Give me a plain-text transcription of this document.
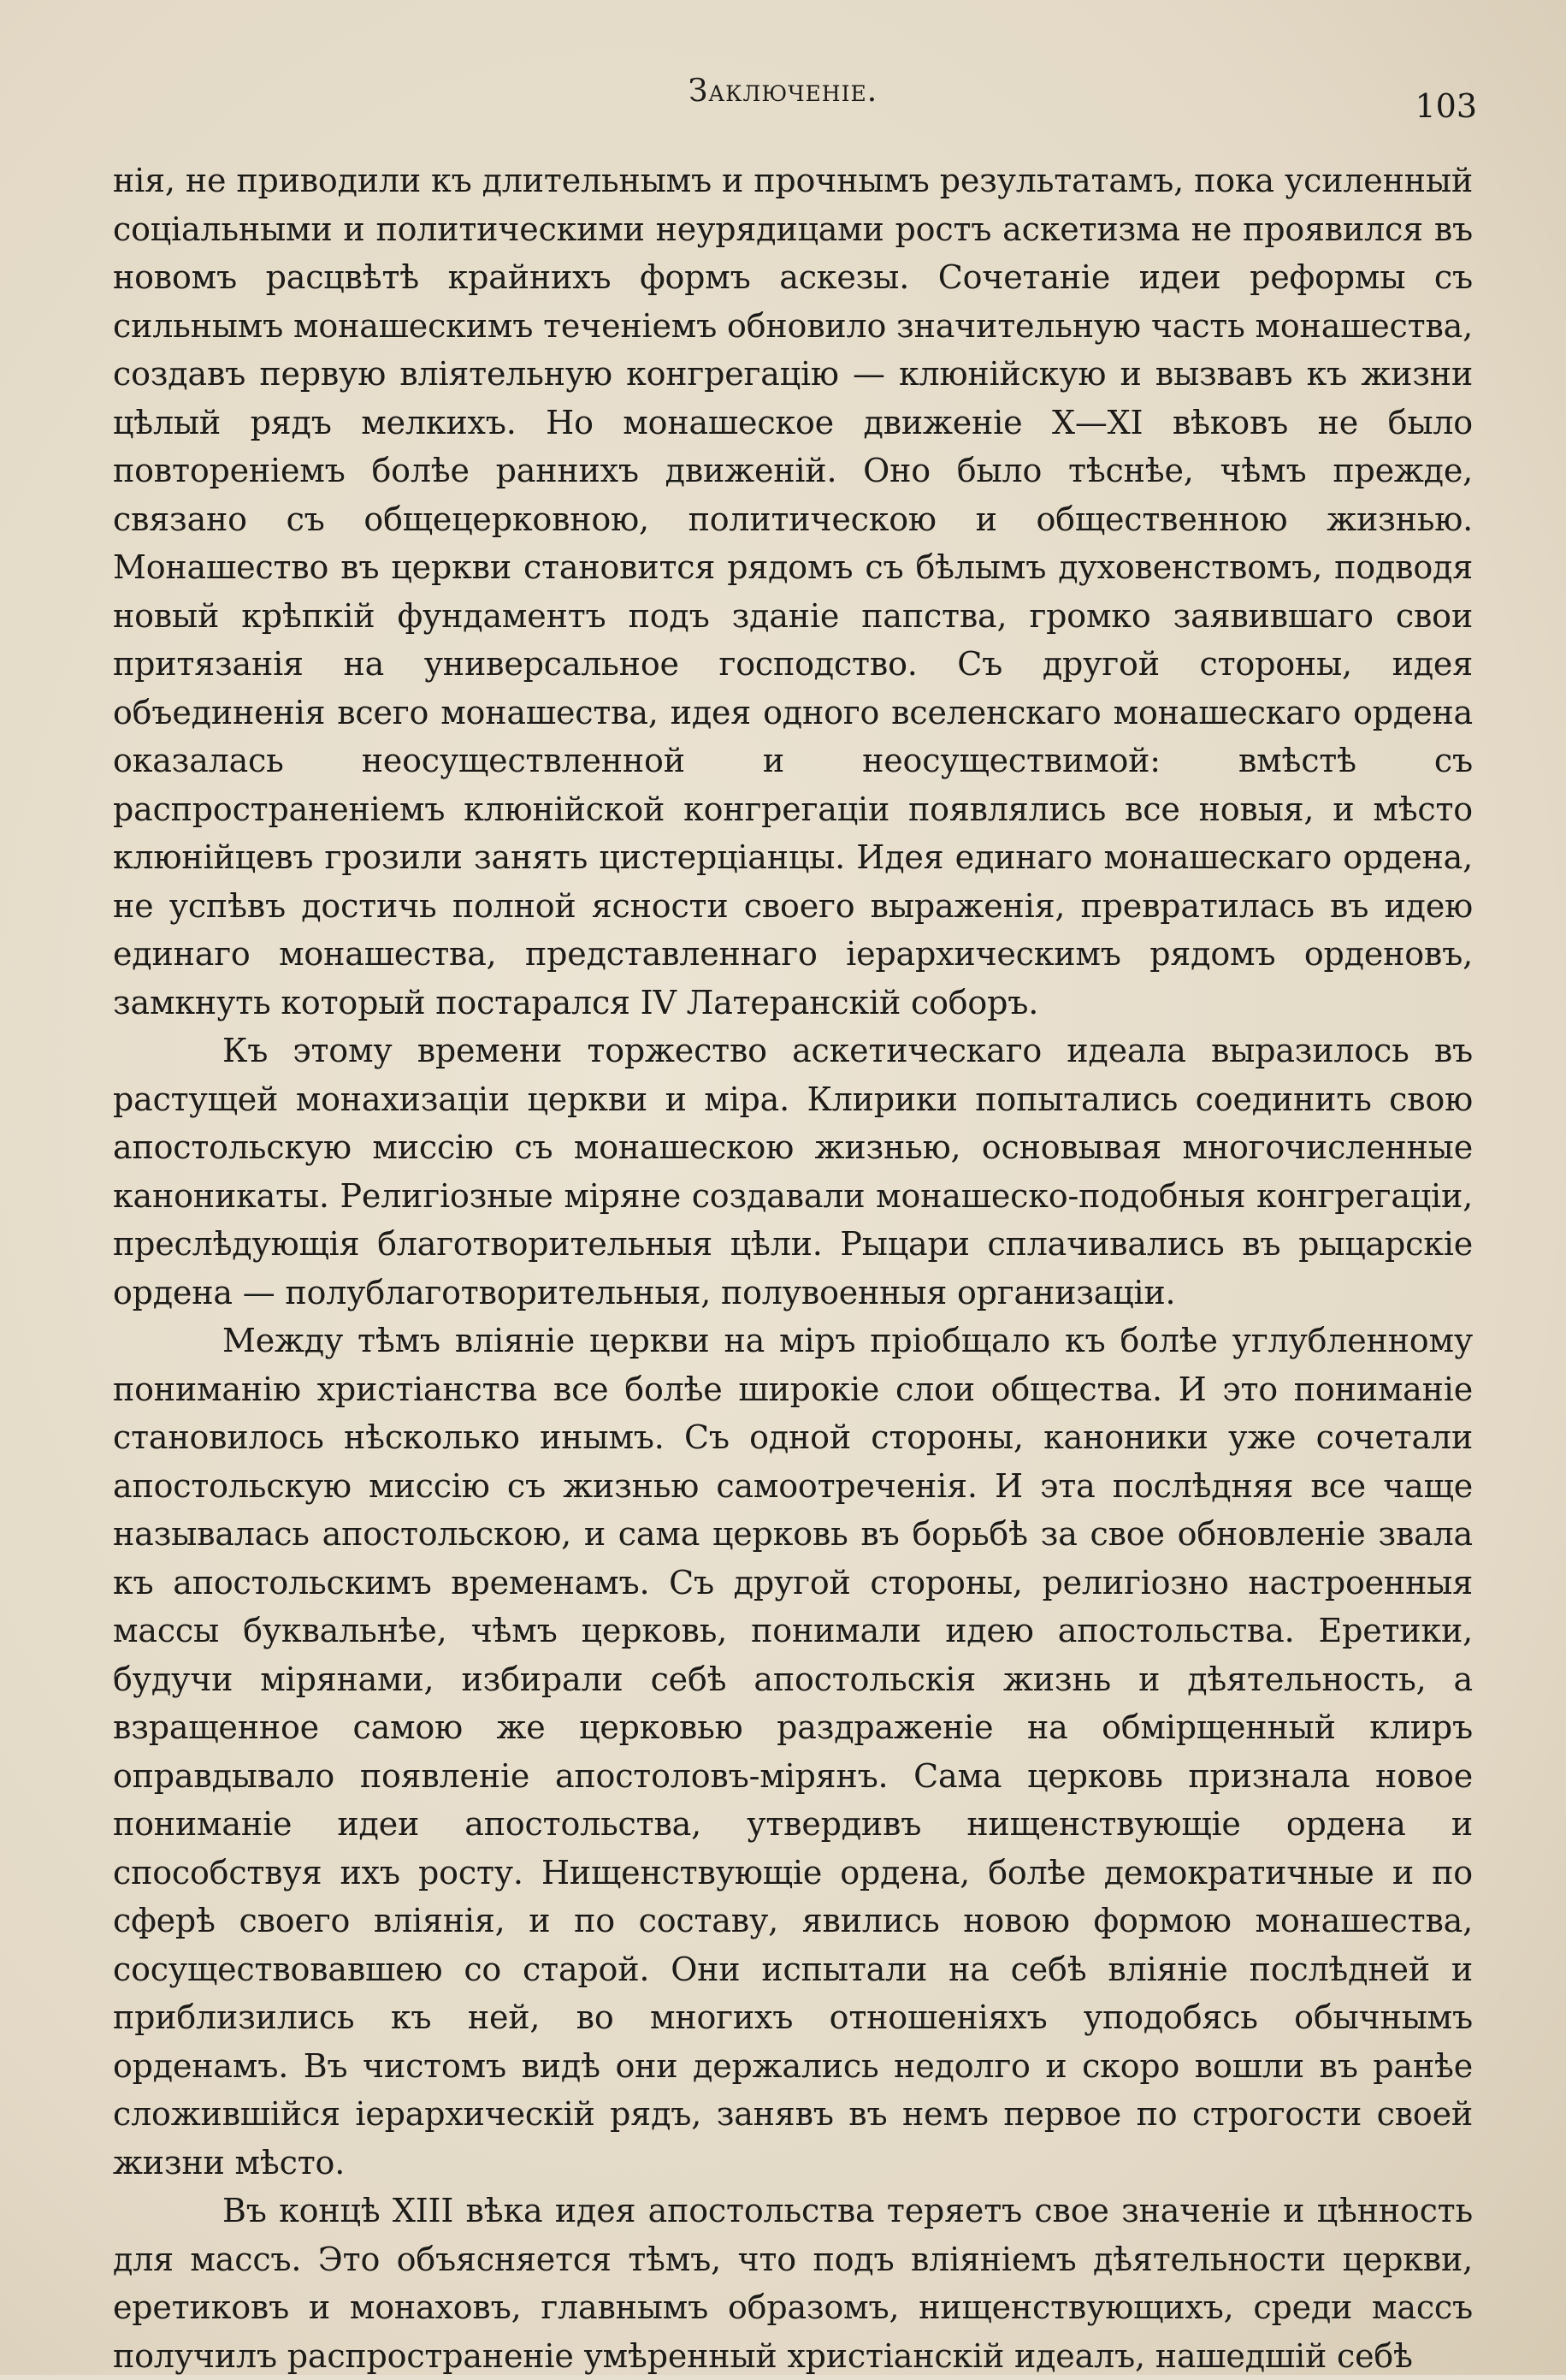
Заключеніе.	103

нія, не приводили къ длительнымъ и прочнымъ результатамъ, пока усиленный соціальными и политическими неурядицами ростъ аскетизма не проявился въ новомъ расцвѣтѣ крайнихъ формъ аскезы. Сочетаніе идеи реформы съ сильнымъ монашескимъ теченіемъ обновило значительную часть монашества, создавъ первую вліятельную конгрегацію — клюнійскую и вызвавъ къ жизни цѣлый рядъ мелкихъ. Но монашеское движеніе X—XI вѣковъ не было повтореніемъ болѣе раннихъ движеній. Оно было тѣснѣе, чѣмъ прежде, связано съ общецерковною, политическою и общественною жизнью. Монашество въ церкви становится рядомъ съ бѣлымъ духовенствомъ, подводя новый крѣпкій фундаментъ подъ зданіе папства, громко заявившаго свои притязанія на универсальное господство. Съ другой стороны, идея объединенія всего монашества, идея одного вселенскаго монашескаго ордена оказалась неосуществленной и неосуществимой: вмѣстѣ съ распространеніемъ клюнійской конгрегаціи появлялись все новыя, и мѣсто клюнійцевъ грозили занять цистерціанцы. Идея единаго монашескаго ордена, не успѣвъ достичь полной ясности своего выраженія, превратилась въ идею единаго монашества, представленнаго іерархическимъ рядомъ орденовъ, замкнуть который постарался IV Латеранскій соборъ.

Къ этому времени торжество аскетическаго идеала выразилось въ растущей монахизаціи церкви и міра. Клирики попытались соединить свою апостольскую миссію съ монашескою жизнью, основывая многочисленные каноникаты. Религіозные міряне создавали монашеско-подобныя конгрегаціи, преслѣдующія благотворительныя цѣли. Рыцари сплачивались въ рыцарскіе ордена — полублаготворительныя, полувоенныя организаціи.

Между тѣмъ вліяніе церкви на міръ пріобщало къ болѣе углубленному пониманію христіанства все болѣе широкіе слои общества. И это пониманіе становилось нѣсколько инымъ. Съ одной стороны, каноники уже сочетали апостольскую миссію съ жизнью самоотреченія. И эта послѣдняя все чаще называлась апостольскою, и сама церковь въ борьбѣ за свое обновленіе звала къ апостольскимъ временамъ. Съ другой стороны, религіозно настроенныя массы буквальнѣе, чѣмъ церковь, понимали идею апостольства. Еретики, будучи мірянами, избирали себѣ апостольскія жизнь и дѣятельность, а взращенное самою же церковью раздраженіе на обмірщенный клиръ оправдывало появленіе апостоловъ-мірянъ. Сама церковь признала новое пониманіе идеи апостольства, утвердивъ нищенствующіе ордена и способствуя ихъ росту. Нищенствующіе ордена, болѣе демократичные и по сферѣ своего вліянія, и по составу, явились новою формою монашества, сосуществовавшею со старой. Они испытали на себѣ вліяніе послѣдней и приблизились къ ней, во многихъ отношеніяхъ уподобясь обычнымъ орденамъ. Въ чистомъ видѣ они держались недолго и скоро вошли въ ранѣе сложившійся іерархическій рядъ, занявъ въ немъ первое по строгости своей жизни мѣсто.

Въ концѣ XIII вѣка идея апостольства теряетъ свое значеніе и цѣнность для массъ. Это объясняется тѣмъ, что подъ вліяніемъ дѣятельности церкви, еретиковъ и монаховъ, главнымъ образомъ, нищенствующихъ, среди массъ получилъ распространеніе умѣренный христіанскій идеалъ, нашедшій себѣ
